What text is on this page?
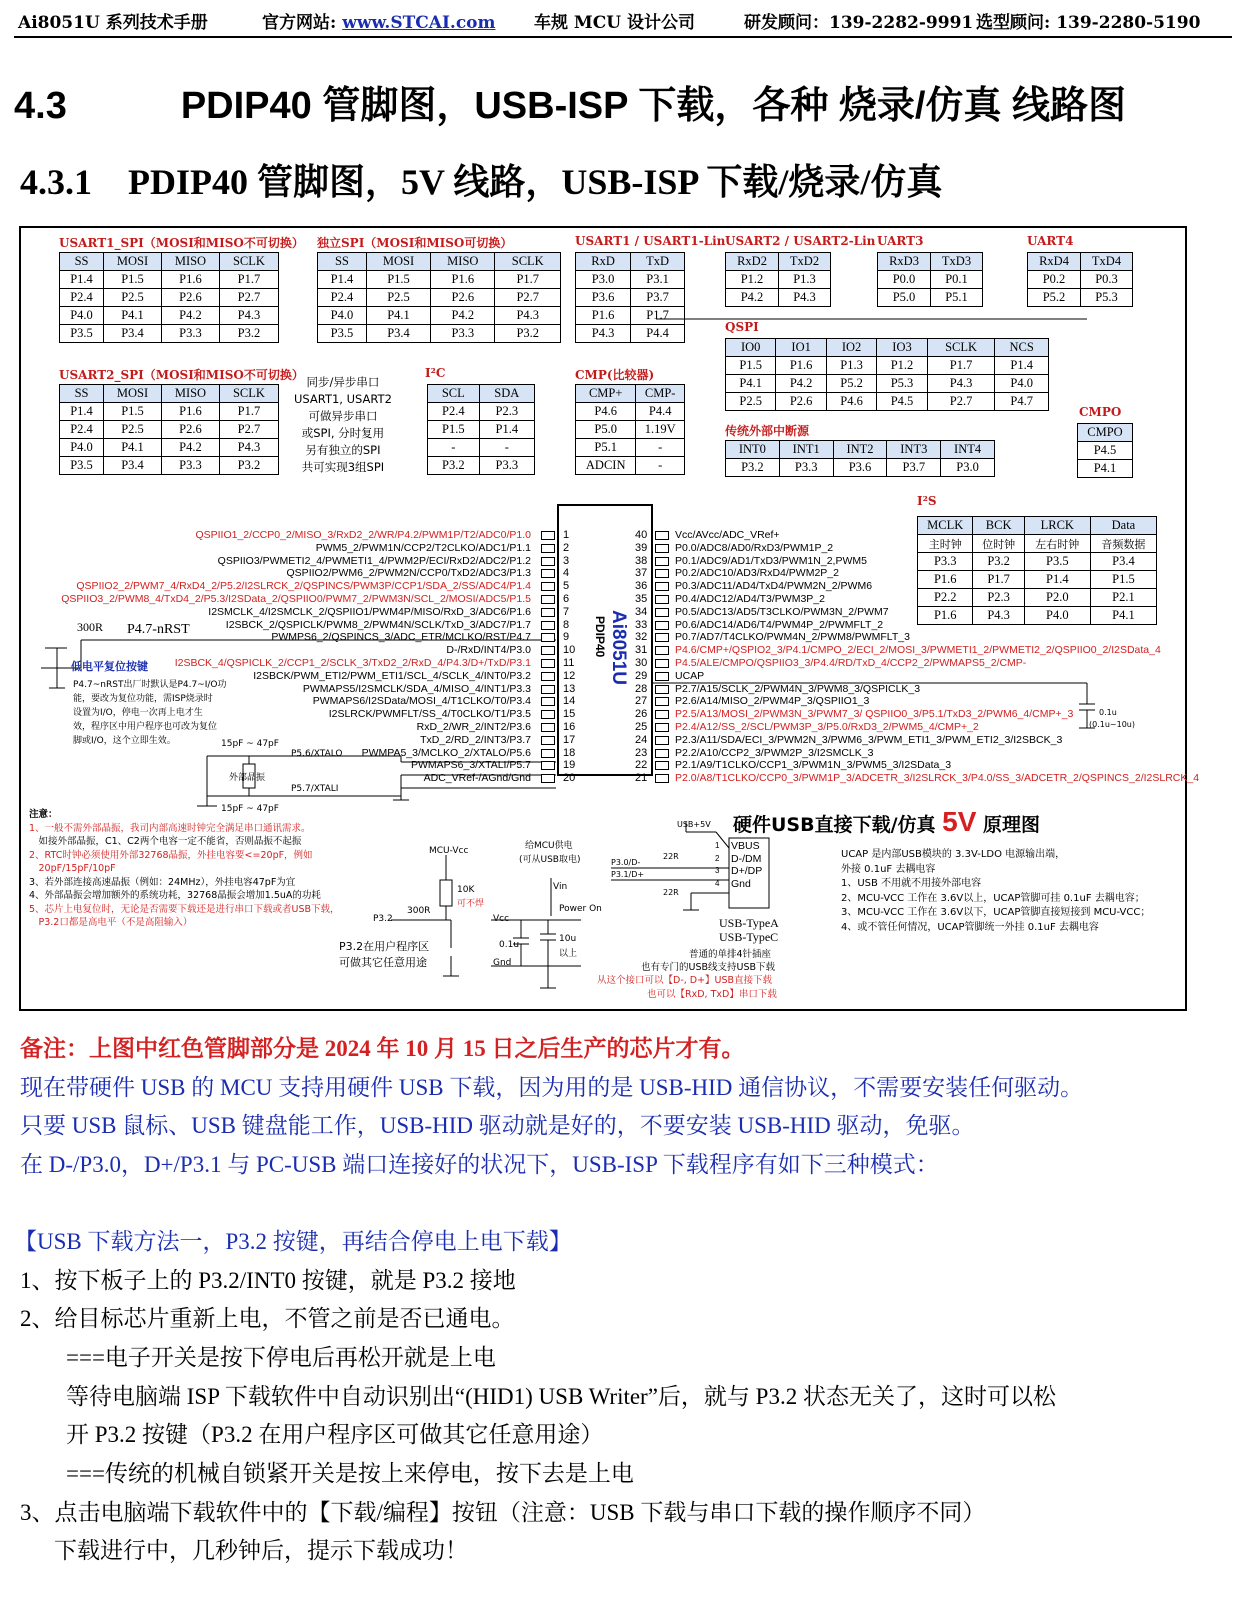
Ai8051U 系列技术手册	官方网站: www.STCAI.com 车规 MCU 设计公司	研发顾问：139-2282-9991 选型顾问: 139-2280-5190
4.3　　　PDIP40 管脚图，USB-ISP 下载，各种 烧录/仿真 线路图
4.3.1　PDIP40 管脚图，5V 线路，USB-ISP 下载/烧录/仿真
USART1_SPI（MOSI和MISO不可切换）
SS	MOSI	MISO	SCLK
P1.4	P1.5	P1.6	P1.7
P2.4	P2.5	P2.6	P2.7
P4.0	P4.1	P4.2	P4.3
P3.5	P3.4	P3.3	P3.2
独立SPI（MOSI和MISO可切换）
SS	MOSI	MISO	SCLK
P1.4	P1.5	P1.6	P1.7
P2.4	P2.5	P2.6	P2.7
P4.0	P4.1	P4.2	P4.3
P3.5	P3.4	P3.3	P3.2
USART1 / USART1-Lin
RxD	TxD
P3.0	P3.1
P3.6	P3.7
P1.6	P1.7
P4.3	P4.4
USART2 / USART2-Lin
RxD2	TxD2
P1.2	P1.3
P4.2	P4.3
UART3
RxD3	TxD3
P0.0	P0.1
P5.0	P5.1
UART4
RxD4	TxD4
P0.2	P0.3
P5.2	P5.3
QSPI
IO0	IO1	IO2	IO3	SCLK	NCS
P1.5	P1.6	P1.3	P1.2	P1.7	P1.4
P4.1	P4.2	P5.2	P5.3	P4.3	P4.0
P2.5	P2.6	P4.6	P4.5	P2.7	P4.7
USART2_SPI（MOSI和MISO不可切换）
SS	MOSI	MISO	SCLK
P1.4	P1.5	P1.6	P1.7
P2.4	P2.5	P2.6	P2.7
P4.0	P4.1	P4.2	P4.3
P3.5	P3.4	P3.3	P3.2
I²C
SCL	SDA
P2.4	P2.3
P1.5	P1.4
-	-
P3.2	P3.3
CMP(比较器)
CMP+	CMP-
P4.6	P4.4
P5.0	1.19V
P5.1	-
ADCIN	-
传统外部中断源
INT0	INT1	INT2	INT3	INT4
P3.2	P3.3	P3.6	P3.7	P3.0
CMPO
CMPO
P4.5
P4.1
I²S
MCLK	BCK	LRCK	Data
主时钟	位时钟	左右时钟	音频数据
P3.3	P3.2	P3.5	P3.4
P1.6	P1.7	P1.4	P1.5
P2.2	P2.3	P2.0	P2.1
P1.6	P4.3	P4.0	P4.1
同步/异步串口
USART1, USART2
可做异步串口
或SPI, 分时复用
另有独立的SPI
共可实现3组SPI
300R P4.7-nRST
低电平复位按键
P4.7~nRST出厂时默认是P4.7~I/O功
能，要改为复位功能，需ISP烧录时
设置为I/O，停电一次再上电才生
效，程序区中用户程序也可改为复位
脚或I/O，这个立即生效。	15pF ~ 47pF
15pF ~ 47pF
外部晶振
P5.6/XTALO
P5.7/XTALI
Ai8051U
PDIP40
QSPIIO1_2/CCP0_2/MISO_3/RxD2_2/WR/P4.2/PWM1P/T2/ADC0/P1.0	1
PWM5_2/PWM1N/CCP2/T2CLKO/ADC1/P1.1	2
QSPIIO3/PWMETI2_4/PWMETI1_4/PWM2P/ECI/RxD2/ADC2/P1.2	3
QSPIIO2/PWM6_2/PWM2N/CCP0/TxD2/ADC3/P1.3	4
QSPIIO2_2/PWM7_4/RxD4_2/P5.2/I2SLRCK_2/QSPINCS/PWM3P/CCP1/SDA_2/SS/ADC4/P1.4	5
QSPIIO3_2/PWM8_4/TxD4_2/P5.3/I2SData_2/QSPIIO0/PWM7_2/PWM3N/SCL_2/MOSI/ADC5/P1.5	6
I2SMCLK_4/I2SMCLK_2/QSPIIO1/PWM4P/MISO/RxD_3/ADC6/P1.6	7
I2SBCK_2/QSPICLK/PWM8_2/PWM4N/SCLK/TxD_3/ADC7/P1.7	8
PWMPS6_2/QSPINCS_3/ADC_ETR/MCLKO/RST/P4.7	9
D-/RxD/INT4/P3.0	10
I2SBCK_4/QSPICLK_2/CCP1_2/SCLK_3/TxD2_2/RxD_4/P4.3/D+/TxD/P3.1	11
I2SBCK/PWM_ETI2/PWM_ETI1/SCL_4/SCLK_4/INT0/P3.2	12
PWMAPS5/I2SMCLK/SDA_4/MISO_4/INT1/P3.3	13
PWMAPS6/I2SData/MOSI_4/T1CLKO/T0/P3.4	14
I2SLRCK/PWMFLT/SS_4/T0CLKO/T1/P3.5	15
RxD_2/WR_2/INT2/P3.6	16
TxD_2/RD_2/INT3/P3.7	17
PWMPA5_3/MCLKO_2/XTALO/P5.6	18
PWMAPS6_3/XTALI/P5.7	19
ADC_VRef-/AGnd/Gnd	20
Vcc/AVcc/ADC_VRef+
40
P0.0/ADC8/AD0/RxD3/PWM1P_2
39
P0.1/ADC9/AD1/TxD3/PWM1N_2,PWM5
38
P0.2/ADC10/AD3/RxD4/PWM2P_2
37
P0.3/ADC11/AD4/TxD4/PWM2N_2/PWM6
36
P0.4/ADC12/AD4/T3/PWM3P_2
35
P0.5/ADC13/AD5/T3CLKO/PWM3N_2/PWM7
34
P0.6/ADC14/AD6/T4/PWM4P_2/PWMFLT_2
33
P0.7/AD7/T4CLKO/PWM4N_2/PWM8/PWMFLT_3
32
P4.6/CMP+/QSPIO2_3/P4.1/CMPO_2/ECI_2/MOSI_3/PWMETI1_2/PWMETI2_2/QSPIIO0_2/I2SData_4
31
P4.5/ALE/CMPO/QSPIIO3_3/P4.4/RD/TxD_4/CCP2_2/PWMAPS5_2/CMP-
30
UCAP
29
P2.7/A15/SCLK_2/PWM4N_3/PWM8_3/QSPICLK_3
28
P2.6/A14/MISO_2/PWM4P_3/QSPIIO1_3
27
P2.5/A13/MOSI_2/PWM3N_3/PWM7_3/ QSPIIO0_3/P5.1/TxD3_2/PWM6_4/CMP+_3
26
P2.4/A12/SS_2/SCL/PWM3P_3/P5.0/RxD3_2/PWM5_4/CMP+_2
25
P2.3/A11/SDA/ECI_3/PWM2N_3/PWM6_3/PWM_ETI1_3/PWM_ETI2_3/I2SBCK_3
24
P2.2/A10/CCP2_3/PWM2P_3/I2SMCLK_3
23
P2.1/A9/T1CLKO/CCP1_3/PWM1N_3/PWM5_3/I2SData_3
22
P2.0/A8/T1CLKO/CCP0_3/PWM1P_3/ADCETR_3/I2SLRCK_3/P4.0/SS_3/ADCETR_2/QSPINCS_2/I2SLRCK_4
21
注意：
1、一般不需外部晶振，我司内部高速时钟完全满足串口通讯需求。
　如接外部晶振，C1、C2两个电容一定不能省，否则晶振不起振
2、RTC时钟必须使用外部32768晶振，外挂电容要<=20pF，例如
　20pF/15pF/10pF
3、若外部连接高速晶振（例如：24MHz），外挂电容47pF为宜
4、外部晶振会增加额外的系统功耗，32768晶振会增加1.5uA的功耗
5、芯片上电复位时，无论是否需要下载还是进行串口下载或者USB下载，
　P3.2口都是高电平（不是高阻输入）
MCU-Vcc
10K
可不焊
P3.2
300R
P3.2在用户程序区
可做其它任意用途
给MCU供电
(可从USB取电)
Vin
Power On
Vcc
Gnd
0.1u
10u
以上
硬件USB直接下载/仿真 5V 原理图
USB+5V
P3.0/D-
P3.1/D+
22R
22R
VBUS
D-/DM
D+/DP
Gnd
1
2
3
4
USB-TypeA
USB-TypeC
普通的单排4针插座
也有专门的USB线支持USB下载
从这个接口可以【D-, D+】USB直接下载
也可以【RxD, TxD】串口下载
0.1u
(0.1u~10u)
UCAP 是内部USB模块的 3.3V-LDO 电源输出端，
外接 0.1uF 去耦电容
1、USB 不用就不用接外部电容
2、MCU-VCC 工作在 3.6V以上，UCAP管脚可挂 0.1uF 去耦电容；
3、MCU-VCC 工作在 3.6V以下，UCAP管脚直接短接到 MCU-VCC；
4、或不管任何情况，UCAP管脚统一外挂 0.1uF 去耦电容
备注：上图中红色管脚部分是 2024 年 10 月 15 日之后生产的芯片才有。
现在带硬件 USB 的 MCU 支持用硬件 USB 下载，因为用的是 USB-HID 通信协议，不需要安装任何驱动。
只要 USB 鼠标、USB 键盘能工作，USB-HID 驱动就是好的，不要安装 USB-HID 驱动，免驱。
在 D-/P3.0，D+/P3.1 与 PC-USB 端口连接好的状况下，USB-ISP 下载程序有如下三种模式：
【USB 下载方法一，P3.2 按键，再结合停电上电下载】
1、按下板子上的 P3.2/INT0 按键，就是 P3.2 接地
2、给目标芯片重新上电，不管之前是否已通电。
===电子开关是按下停电后再松开就是上电
等待电脑端 ISP 下载软件中自动识别出“(HID1) USB Writer”后，就与 P3.2 状态无关了，这时可以松
开 P3.2 按键（P3.2 在用户程序区可做其它任意用途）
===传统的机械自锁紧开关是按上来停电，按下去是上电
3、点击电脑端下载软件中的【下载/编程】按钮（注意：USB 下载与串口下载的操作顺序不同）
下载进行中，几秒钟后，提示下载成功！
